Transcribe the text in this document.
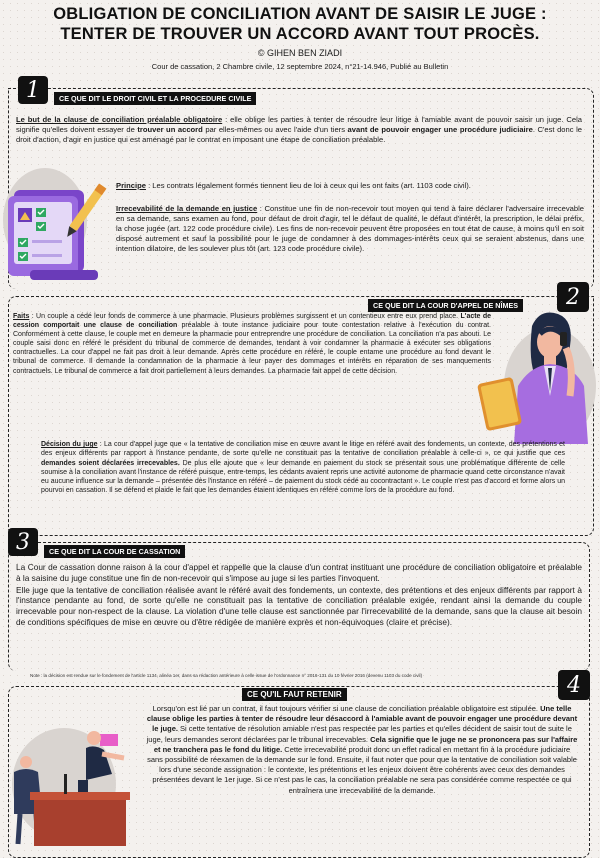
OBLIGATION DE CONCILIATION AVANT DE SAISIR LE JUGE :
TENTER DE TROUVER UN ACCORD AVANT TOUT PROCÈS.
© GIHEN BEN ZIADI
Cour de cassation, 2 Chambre civile, 12 septembre 2024, n°21-14.946, Publié au Bulletin
1	CE QUE DIT LE DROIT CIVIL ET LA PROCEDURE CIVILE
Le but de la clause de conciliation préalable obligatoire : elle oblige les parties à tenter de résoudre leur litige à l'amiable avant de pouvoir saisir un juge. Cela signifie qu'elles doivent essayer de trouver un accord par elles-mêmes ou avec l'aide d'un tiers avant de pouvoir engager une procédure judiciaire. C'est donc le droit d'action, d'agir en justice qui est aménagé par le contrat en imposant une étape de conciliation préalable.
Principe : Les contrats légalement formés tiennent lieu de loi à ceux qui les ont faits (art. 1103 code civil).
Irrecevabilité de la demande en justice : Constitue une fin de non-recevoir tout moyen qui tend à faire déclarer l'adversaire irrecevable en sa demande, sans examen au fond, pour défaut de droit d'agir, tel le défaut de qualité, le défaut d'intérêt, la prescription, le délai préfix, la chose jugée (art. 122 code procédure civile). Les fins de non-recevoir peuvent être proposées en tout état de cause, à moins qu'il en soit disposé autrement et sauf la possibilité pour le juge de condamner à des dommages-intérêts ceux qui se seraient abstenus, dans une intention dilatoire, de les soulever plus tôt (art. 123 code procédure civile).
2
CE QUE DIT LA COUR D'APPEL DE NÎMES
Faits : Un couple a cédé leur fonds de commerce à une pharmacie. Plusieurs problèmes surgissent et un contentieux entre eux prend place. L'acte de cession comportait une clause de conciliation préalable à toute instance judiciaire pour toute contestation relative à l'exécution du contrat. Conformément à cette clause, le couple met en demeure la pharmacie pour entreprendre une procédure de conciliation. La conciliation n'a pas abouti. Le couple saisi donc en référé le président du tribunal de commerce de demandes, tendant à voir condamner la pharmacie à exécuter ses obligations contractuelles. La cour d'appel ne fait pas droit à leur demande. Après cette procédure en référé, le couple entame une procédure au fond devant le tribunal de commerce. Il demande la condamnation de la pharmacie à leur payer des dommages et intérêts en réparation de ses manquements contractuels. Le tribunal de commerce a fait droit partiellement à leurs demandes. La pharmacie fait appel de cette décision.
Décision du juge : La cour d'appel juge que « la tentative de conciliation mise en œuvre avant le litige en référé avait des fondements, un contexte, des prétentions et des enjeux différents par rapport à l'instance pendante, de sorte qu'elle ne constituait pas la tentative de conciliation préalable à celle-ci », ce qui justifie que ces demandes soient déclarées irrecevables. De plus elle ajoute que « leur demande en paiement du stock se présentait sous une problématique différente de celle soumise à la conciliation avant l'instance de référé puisque, entre-temps, les cédants avaient repris une activité autonome de pharmacie quand cette circonstance n'avait eu aucune influence sur la demande – présentée dès l'instance en référé – de paiement du stock cédé au cocontractant ». Le couple n'est pas d'accord et forme alors un pourvoi en cassation. Il se défend et plaide le fait que les demandes étaient identiques en référé comme lors de la procédure au fond.
3	CE QUE DIT LA COUR DE CASSATION

La Cour de cassation donne raison à la cour d'appel et rappelle que la clause d'un contrat instituant une procédure de conciliation obligatoire et préalable à la saisine du juge constitue une fin de non-recevoir qui s'impose au juge si les parties l'invoquent.

Elle juge que la tentative de conciliation réalisée avant le référé avait des fondements, un contexte, des prétentions et des enjeux différents par rapport à l'instance pendante au fond, de sorte qu'elle ne constituait pas la tentative de conciliation préalable exigée, rendant ainsi la demande du couple irrecevable pour non-respect de la clause. La violation d'une telle clause est sanctionnée par l'irrecevabilité de la demande, sans que la clause ait besoin de conditions spécifiques de mise en œuvre ou d'être rédigée de manière exprès et non-équivoques (claire et précise).

Note : la décision est rendue sur le fondement de l'article 1134, alinéa 1er, dans sa rédaction antérieure à celle issue de l'ordonnance n° 2016-131 du 10 février 2016 (devenu 1103 du code civil)	4
CE QU'IL FAUT RETENIR
Lorsqu'on est lié par un contrat, il faut toujours vérifier si une clause de conciliation préalable obligatoire est stipulée. Une telle clause oblige les parties à tenter de résoudre leur désaccord à l'amiable avant de pouvoir engager une procédure devant le juge. Si cette tentative de résolution amiable n'est pas respectée par les parties et qu'elles décident de saisir tout de suite le juge, leurs demandes seront déclarées par le tribunal irrecevables. Cela signifie que le juge ne se prononcera pas sur l'affaire et ne tranchera pas le fond du litige. Cette irrecevabilité produit donc un effet radical en mettant fin à la procédure judiciaire sans possibilité de réexamen de la demande sur le fond. Ensuite, il faut noter que pour que la tentative de conciliation soit valable lors d'une seconde assignation : le contexte, les prétentions et les enjeux doivent être cohérents avec ceux des demandes présentées devant le 1er juge. Si ce n'est pas le cas, la conciliation préalable ne sera pas considérée comme respectée ce qui entraînera une irrecevabilité de la demande.
